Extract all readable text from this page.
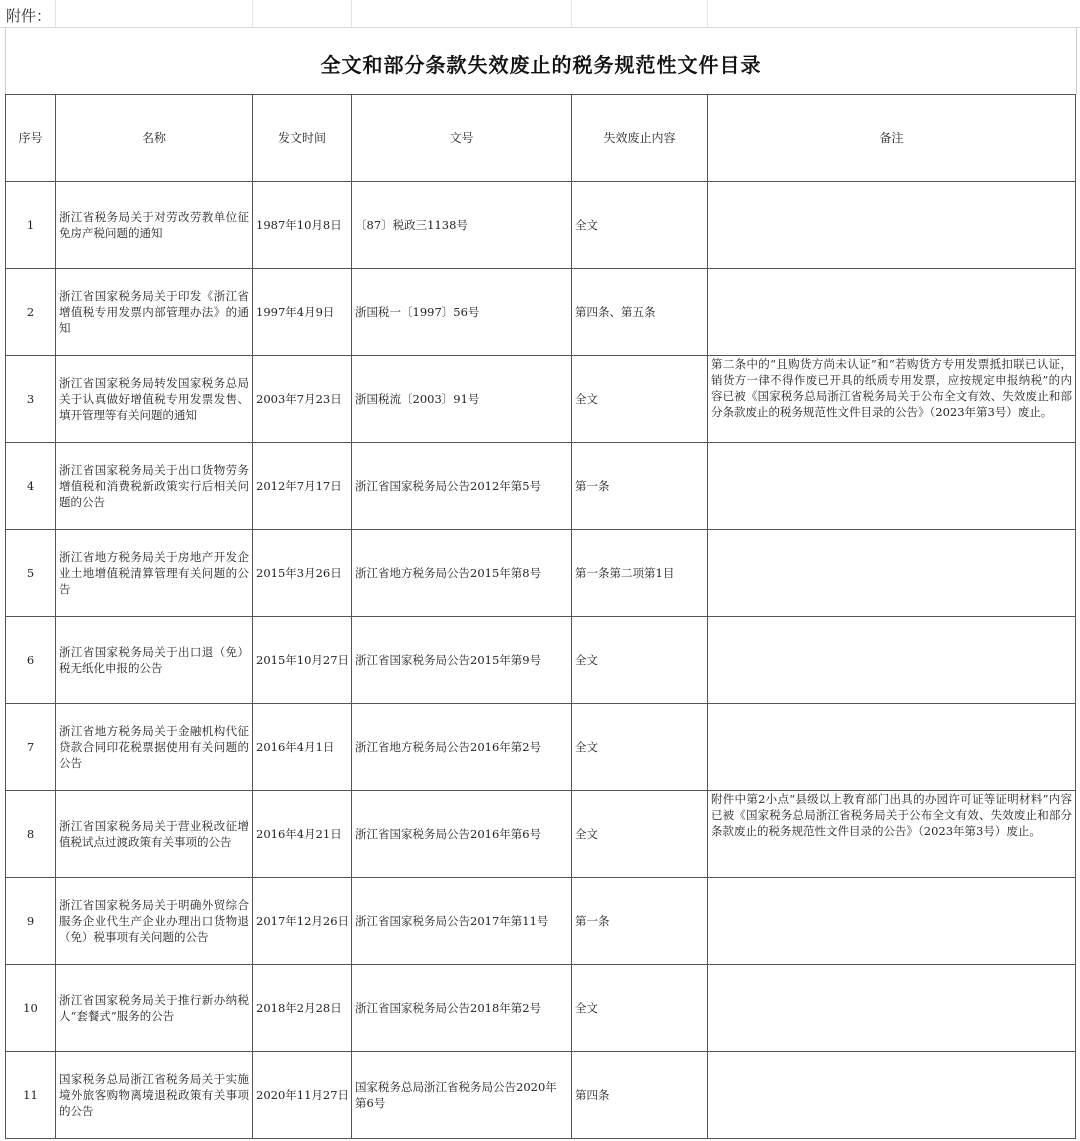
附件：
全文和部分条款失效废止的税务规范性文件目录
序号	名称	发文时间	文号	失效废止内容	备注
1	浙江省税务局关于对劳改劳教单位征免房产税问题的通知	1987年10月8日	〔87〕税政三1138号	全文	
2	浙江省国家税务局关于印发《浙江省增值税专用发票内部管理办法》的通知	1997年4月9日	浙国税一〔1997〕56号	第四条、第五条	
3	浙江省国家税务局转发国家税务总局关于认真做好增值税专用发票发售、填开管理等有关问题的通知	2003年7月23日	浙国税流〔2003〕91号	全文	第二条中的“且购货方尚未认证”和“若购货方专用发票抵扣联已认证，销货方一律不得作废已开具的纸质专用发票，应按规定申报纳税”的内容已被《国家税务总局浙江省税务局关于公布全文有效、失效废止和部分条款废止的税务规范性文件目录的公告》（2023年第3号）废止。
4	浙江省国家税务局关于出口货物劳务增值税和消费税新政策实行后相关问题的公告	2012年7月17日	浙江省国家税务局公告2012年第5号	第一条	
5	浙江省地方税务局关于房地产开发企业土地增值税清算管理有关问题的公告	2015年3月26日	浙江省地方税务局公告2015年第8号	第一条第二项第1目	
6	浙江省国家税务局关于出口退（免）税无纸化申报的公告	2015年10月27日	浙江省国家税务局公告2015年第9号	全文	
7	浙江省地方税务局关于金融机构代征贷款合同印花税票据使用有关问题的公告	2016年4月1日	浙江省地方税务局公告2016年第2号	全文	
8	浙江省国家税务局关于营业税改征增值税试点过渡政策有关事项的公告	2016年4月21日	浙江省国家税务局公告2016年第6号	全文	附件中第2小点“县级以上教育部门出具的办园许可证等证明材料”内容已被《国家税务总局浙江省税务局关于公布全文有效、失效废止和部分条款废止的税务规范性文件目录的公告》（2023年第3号）废止。
9	浙江省国家税务局关于明确外贸综合服务企业代生产企业办理出口货物退（免）税事项有关问题的公告	2017年12月26日	浙江省国家税务局公告2017年第11号	第一条	
10	浙江省国家税务局关于推行新办纳税人“套餐式”服务的公告	2018年2月28日	浙江省国家税务局公告2018年第2号	全文	
11	国家税务总局浙江省税务局关于实施境外旅客购物离境退税政策有关事项的公告	2020年11月27日	国家税务总局浙江省税务局公告2020年第6号	第四条	
